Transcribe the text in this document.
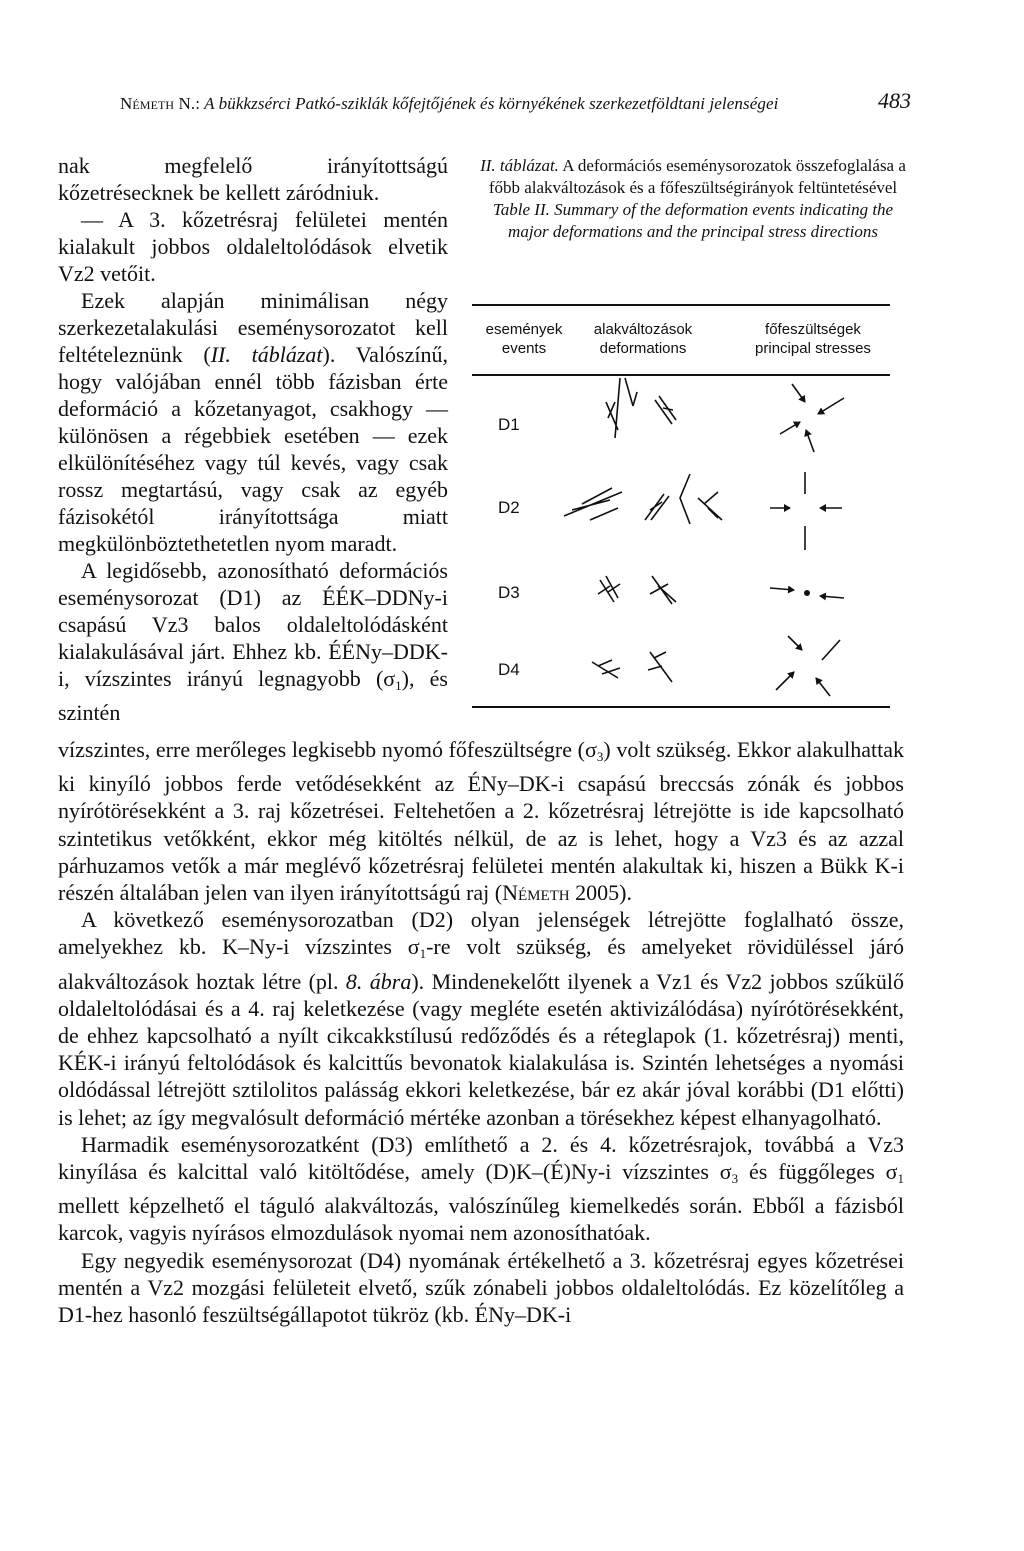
Németh N.: A bükkzsérci Patkó-sziklák kőfejtőjének és környékének szerkezetföldtani jelenségei	483

nak megfelelő irányítottságú kőzetrésecknek be kellett záródniuk.

— A 3. kőzetrésraj felületei mentén kialakult jobbos oldaleltolódások elvetik Vz2 vetőit.

Ezek alapján minimálisan négy szerkezetalakulási eseménysorozatot kell feltételeznünk (II. táblázat). Valószínű, hogy valójában ennél több fázisban érte deformáció a kőzetanyagot, csakhogy — különösen a régebbiek esetében — ezek elkülönítéséhez vagy túl kevés, vagy csak rossz megtartású, vagy csak az egyéb fázisokétól irányítottsága miatt megkülönböztethetetlen nyom maradt.

A legidősebb, azonosítható deformációs eseménysorozat (D1) az ÉÉK–DDNy-i csapású Vz3 balos oldaleltolódásként kialakulásával járt. Ehhez kb. ÉÉNy–DDK-i, vízszintes irányú legnagyobb $(\sigma_1)$, és szintén

II. táblázat. A deformációs eseménysorozatok összefoglalása a főbb alakváltozások és a főfeszültségirányok feltüntetésével
Table II. Summary of the deformation events indicating the major deformations and the principal stress directions
események
events
alakváltozások
deformations
főfeszültségek
principal stresses
D1
D2
D3
D4

vízszintes, erre merőleges legkisebb nyomó főfeszültségre $(\sigma_3)$ volt szükség. Ekkor alakulhattak ki kinyíló jobbos ferde vetődésekként az ÉNy–DK-i csapású breccsás zónák és jobbos nyírótörésekként a 3. raj kőzetrései. Feltehetően a 2. kőzetrésraj létrejötte is ide kapcsolható szintetikus vetőkként, ekkor még kitöltés nélkül, de az is lehet, hogy a Vz3 és az azzal párhuzamos vetők a már meglévő kőzetrésraj felületei mentén alakultak ki, hiszen a Bükk K-i részén általában jelen van ilyen irányítottságú raj (Németh 2005).

A következő eseménysorozatban (D2) olyan jelenségek létrejötte foglalható össze, amelyekhez kb. K–Ny-i vízszintes $\sigma_1-re$ volt szükség, és amelyeket rövidüléssel járó alakváltozások hoztak létre (pl. 8. ábra). Mindenekelőtt ilyenek a Vz1 és Vz2 jobbos szűkülő oldaleltolódásai és a 4. raj keletkezése (vagy megléte esetén aktivizálódása) nyírótörésekként, de ehhez kapcsolható a nyílt cikcakkstílusú redőződés és a réteglapok (1. kőzetrésraj) menti, KÉK-i irányú feltolódások és kalcittűs bevonatok kialakulása is. Szintén lehetséges a nyomási oldódással létrejött sztilolitos palásság ekkori keletkezése, bár ez akár jóval korábbi (D1 előtti) is lehet; az így megvalósult deformáció mértéke azonban a törésekhez képest elhanyagolható.

Harmadik eseménysorozatként (D3) említhető a 2. és 4. kőzetrésrajok, továbbá a Vz3 kinyílása és kalcittal való kitöltődése, amely (D)K–(É)Ny-i vízszintes $\sigma_3$ és függőleges $\sigma_1$ mellett képzelhető el táguló alakváltozás, valószínűleg kiemelkedés során. Ebből a fázisból karcok, vagyis nyírásos elmozdulások nyomai nem azonosíthatóak.

Egy negyedik eseménysorozat (D4) nyomának értékelhető a 3. kőzetrésraj egyes kőzetrései mentén a Vz2 mozgási felületeit elvető, szűk zónabeli jobbos oldaleltolódás. Ez közelítőleg a D1-hez hasonló feszültségállapotot tükröz (kb. ÉNy–DK-i
